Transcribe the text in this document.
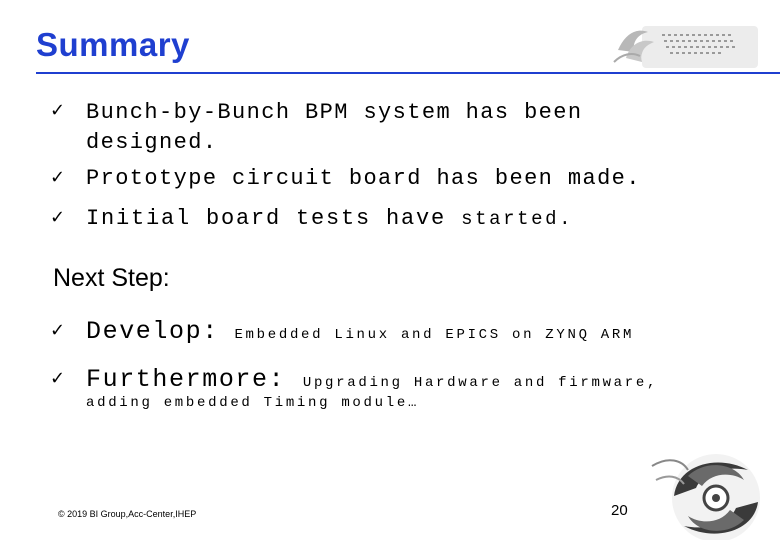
Summary
✓ Bunch-by-Bunch BPM system has been
designed.
✓ Prototype circuit board has been made.
✓ Initial board tests have started.
Next Step:
✓ Develop: Embedded Linux and EPICS on ZYNQ ARM
✓ Furthermore: Upgrading Hardware and firmware,
adding embedded Timing module…
© 2019 BI Group,Acc-Center,IHEP	20
